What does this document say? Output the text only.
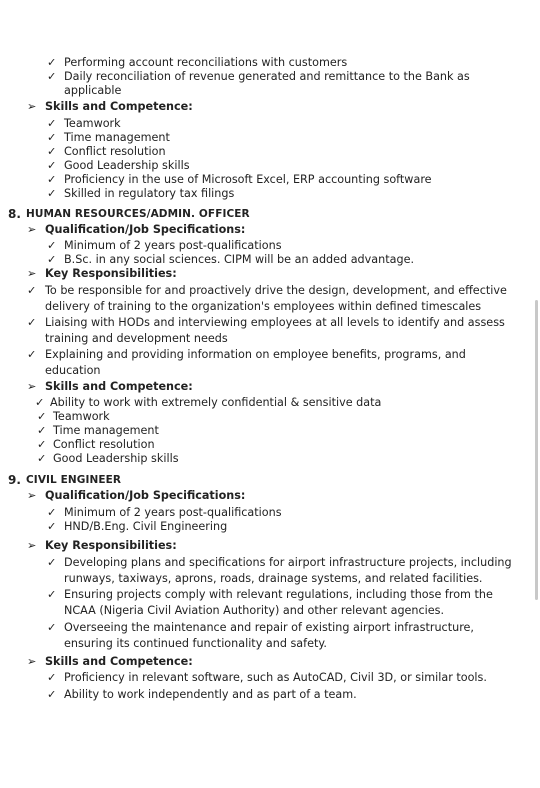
✓ Performing account reconciliations with customers
✓ Daily reconciliation of revenue generated and remittance to the Bank as
applicable
➢ Skills and Competence:
✓ Teamwork
✓ Time management
✓ Conflict resolution
✓ Good Leadership skills
✓ Proficiency in the use of Microsoft Excel, ERP accounting software
✓ Skilled in regulatory tax filings
8. HUMAN RESOURCES/ADMIN. OFFICER
➢ Qualification/Job Specifications:
✓ Minimum of 2 years post-qualifications
✓ B.Sc. in any social sciences. CIPM will be an added advantage.
➢ Key Responsibilities:
✓ To be responsible for and proactively drive the design, development, and effective
delivery of training to the organization's employees within defined timescales
✓ Liaising with HODs and interviewing employees at all levels to identify and assess
training and development needs
✓ Explaining and providing information on employee benefits, programs, and
education
➢ Skills and Competence:
✓ Ability to work with extremely confidential & sensitive data
✓ Teamwork
✓ Time management
✓ Conflict resolution
✓ Good Leadership skills
9. CIVIL ENGINEER
➢ Qualification/Job Specifications:
✓ Minimum of 2 years post-qualifications
✓ HND/B.Eng. Civil Engineering
➢ Key Responsibilities:
✓ Developing plans and specifications for airport infrastructure projects, including
runways, taxiways, aprons, roads, drainage systems, and related facilities.
✓ Ensuring projects comply with relevant regulations, including those from the
NCAA (Nigeria Civil Aviation Authority) and other relevant agencies.
✓ Overseeing the maintenance and repair of existing airport infrastructure,
ensuring its continued functionality and safety.
➢ Skills and Competence:
✓ Proficiency in relevant software, such as AutoCAD, Civil 3D, or similar tools.
✓ Ability to work independently and as part of a team.
